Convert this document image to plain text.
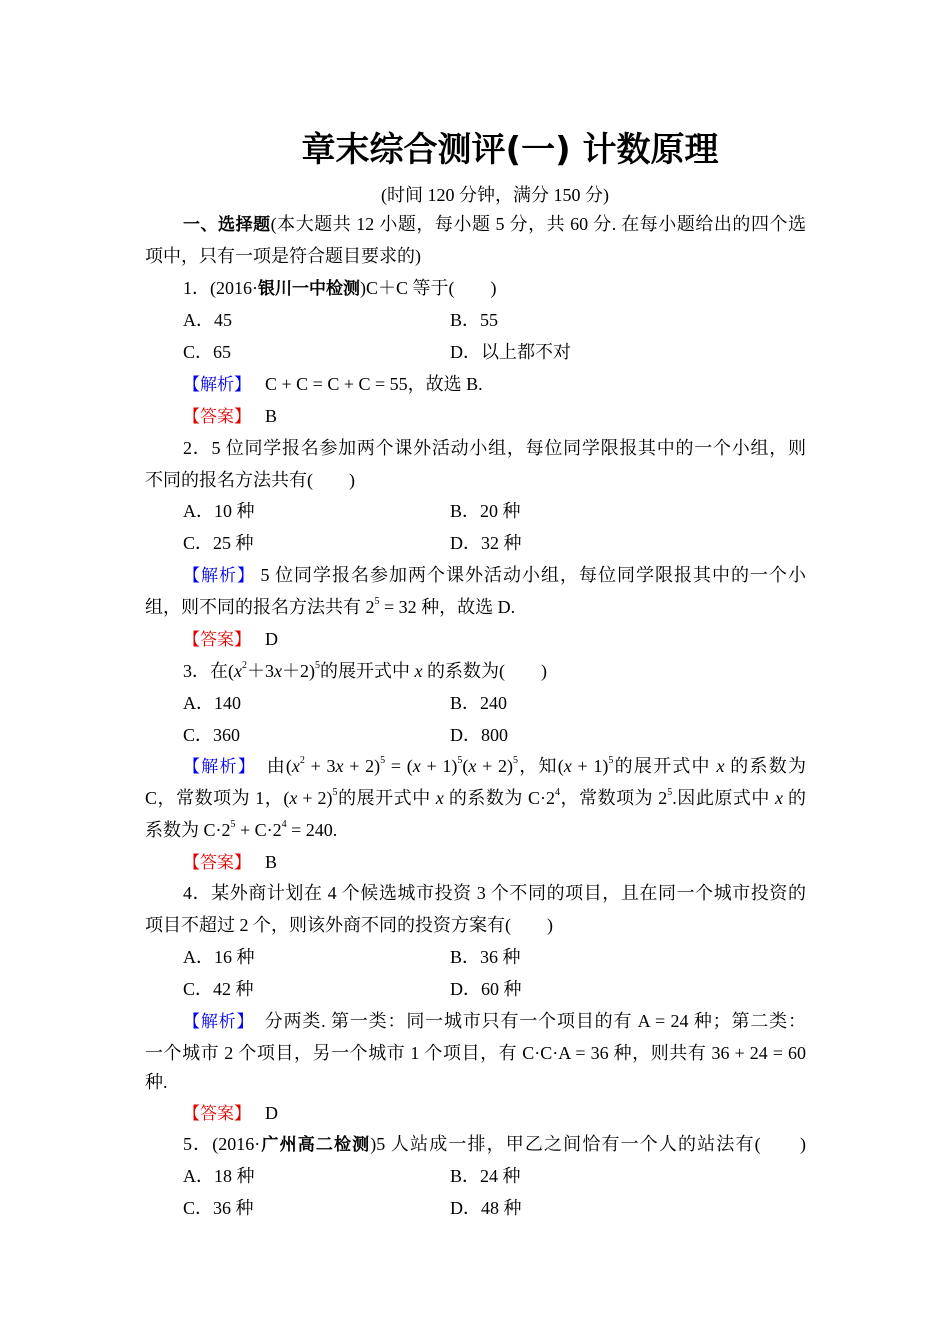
章末综合测评(一) 计数原理
(时间 120 分钟，满分 150 分)
一、选择题(本大题共 12 小题，每小题 5 分，共 60 分. 在每小题给出的四个选
项中，只有一项是符合题目要求的)
1．(2016·银川一中检测)C＋C 等于(　　)
A．45	B．55
C．65	D．以上都不对
【解析】　 C + C = C + C = 55，故选 B.
【答案】　 B
2．5 位同学报名参加两个课外活动小组，每位同学限报其中的一个小组，则
不同的报名方法共有(　　)
A．10 种	B．20 种
C．25 种	D．32 种
【解析】 5 位同学报名参加两个课外活动小组，每位同学限报其中的一个小
组，则不同的报名方法共有 $2^5 = 32$ 种，故选 D.
【答案】　 D
3．在$(x^2+3x+2)^5$的展开式中 x 的系数为(　　)
A．140	B．240
C．360	D．800
【解析】　由$(x^2 + 3x + 2)^5 = (x + 1)^5(x + 2)^5$，知$(x + 1)^5$的展开式中 x 的系数为
C，常数项为 1，$(x + 2)^5$的展开式中 x 的系数为 $C\cdot 2^4$，常数项为 $2^5$.因此原式中 x 的
系数为 $C\cdot 2^5 + C\cdot 2^4 = 240$.
【答案】　 B
4．某外商计划在 4 个候选城市投资 3 个不同的项目，且在同一个城市投资的
项目不超过 2 个，则该外商不同的投资方案有(　　)
A．16 种	B．36 种
C．42 种	D．60 种
【解析】　分两类. 第一类：同一城市只有一个项目的有 A = 24 种；第二类：
一个城市 2 个项目，另一个城市 1 个项目，有 C·C·A = 36 种，则共有 36 + 24 = 60
种.
【答案】　 D
5．(2016·广州高二检测)5 人站成一排，甲乙之间恰有一个人的站法有(　　)
A．18 种	B．24 种
C．36 种	D．48 种
